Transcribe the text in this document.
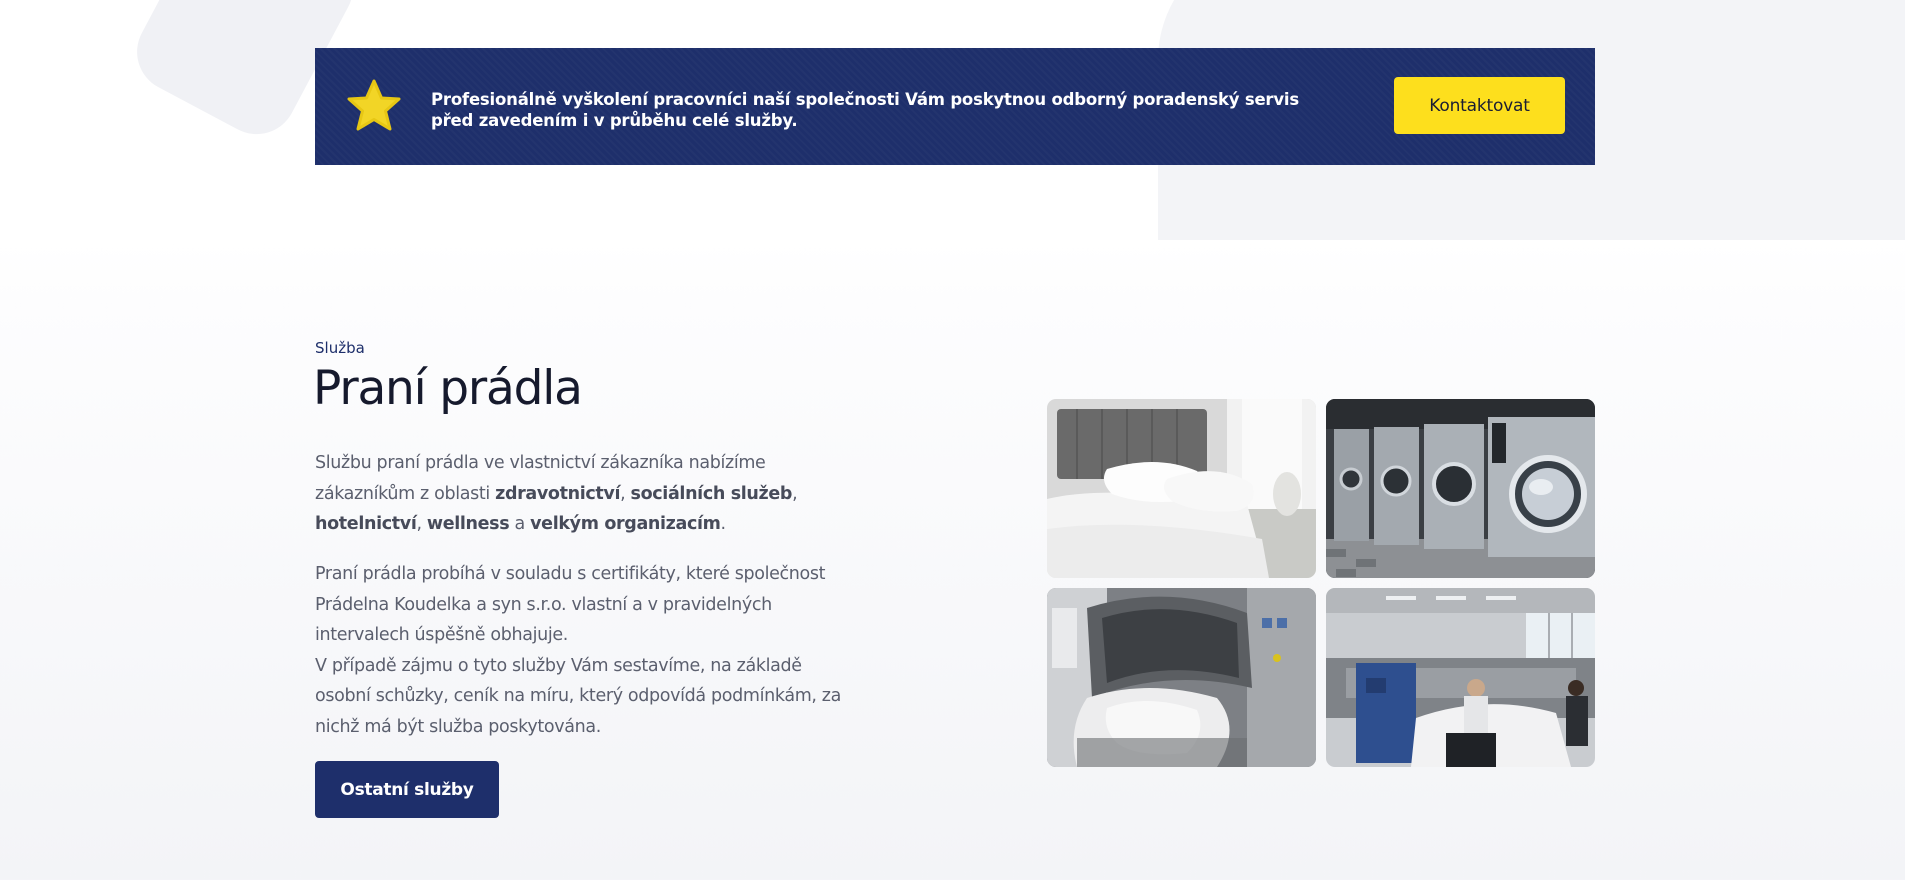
Profesionálně vyškolení pracovníci naší společnosti Vám poskytnou odborný poradenský servis před zavedením i v průběhu celé služby.
Kontaktovat
Služba
Praní prádla

Službu praní prádla ve vlastnictví zákazníka nabízíme zákazníkům z oblasti zdravotnictví, sociálních služeb, hotelnictví, wellness a velkým organizacím.

Praní prádla probíhá v souladu s certifikáty, které společnost Prádelna Koudelka a syn s.r.o. vlastní a v pravidelných intervalech úspěšně obhajuje.
V případě zájmu o tyto služby Vám sestavíme, na základě osobní schůzky, ceník na míru, který odpovídá podmínkám, za nichž má být služba poskytována.

Ostatní služby
